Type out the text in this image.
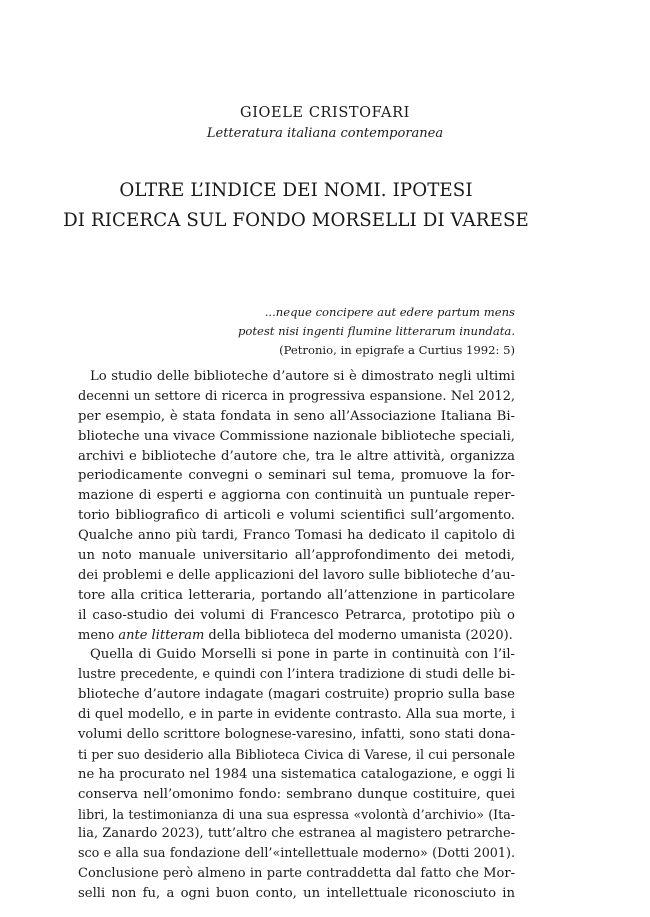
GIOELE CRISTOFARI
Letteratura italiana contemporanea
OLTRE L’INDICE DEI NOMI. IPOTESI
DI RICERCA SUL FONDO MORSELLI DI VARESE
...neque concipere aut edere partum mens
potest nisi ingenti flumine litterarum inundata.
(Petronio, in epigrafe a Curtius 1992: 5)
Lo studio delle biblioteche d’autore si è dimostrato negli ultimi
decenni un settore di ricerca in progressiva espansione. Nel 2012,
per esempio, è stata fondata in seno all’Associazione Italiana Bi-
blioteche una vivace Commissione nazionale biblioteche speciali,
archivi e biblioteche d’autore che, tra le altre attività, organizza
periodicamente convegni o seminari sul tema, promuove la for-
mazione di esperti e aggiorna con continuità un puntuale reper-
torio bibliografico di articoli e volumi scientifici sull’argomento.
Qualche anno più tardi, Franco Tomasi ha dedicato il capitolo di
un noto manuale universitario all’approfondimento dei metodi,
dei problemi e delle applicazioni del lavoro sulle biblioteche d’au-
tore alla critica letteraria, portando all’attenzione in particolare
il caso-studio dei volumi di Francesco Petrarca, prototipo più o
meno ante litteram della biblioteca del moderno umanista (2020).
Quella di Guido Morselli si pone in parte in continuità con l’il-
lustre precedente, e quindi con l’intera tradizione di studi delle bi-
blioteche d’autore indagate (magari costruite) proprio sulla base
di quel modello, e in parte in evidente contrasto. Alla sua morte, i
volumi dello scrittore bolognese-varesino, infatti, sono stati dona-
ti per suo desiderio alla Biblioteca Civica di Varese, il cui personale
ne ha procurato nel 1984 una sistematica catalogazione, e oggi li
conserva nell’omonimo fondo: sembrano dunque costituire, quei
libri, la testimonianza di una sua espressa «volontà d’archivio» (Ita-
lia, Zanardo 2023), tutt’altro che estranea al magistero petrarche-
sco e alla sua fondazione dell’«intellettuale moderno» (Dotti 2001).
Conclusione però almeno in parte contraddetta dal fatto che Mor-
selli non fu, a ogni buon conto, un intellettuale riconosciuto in
